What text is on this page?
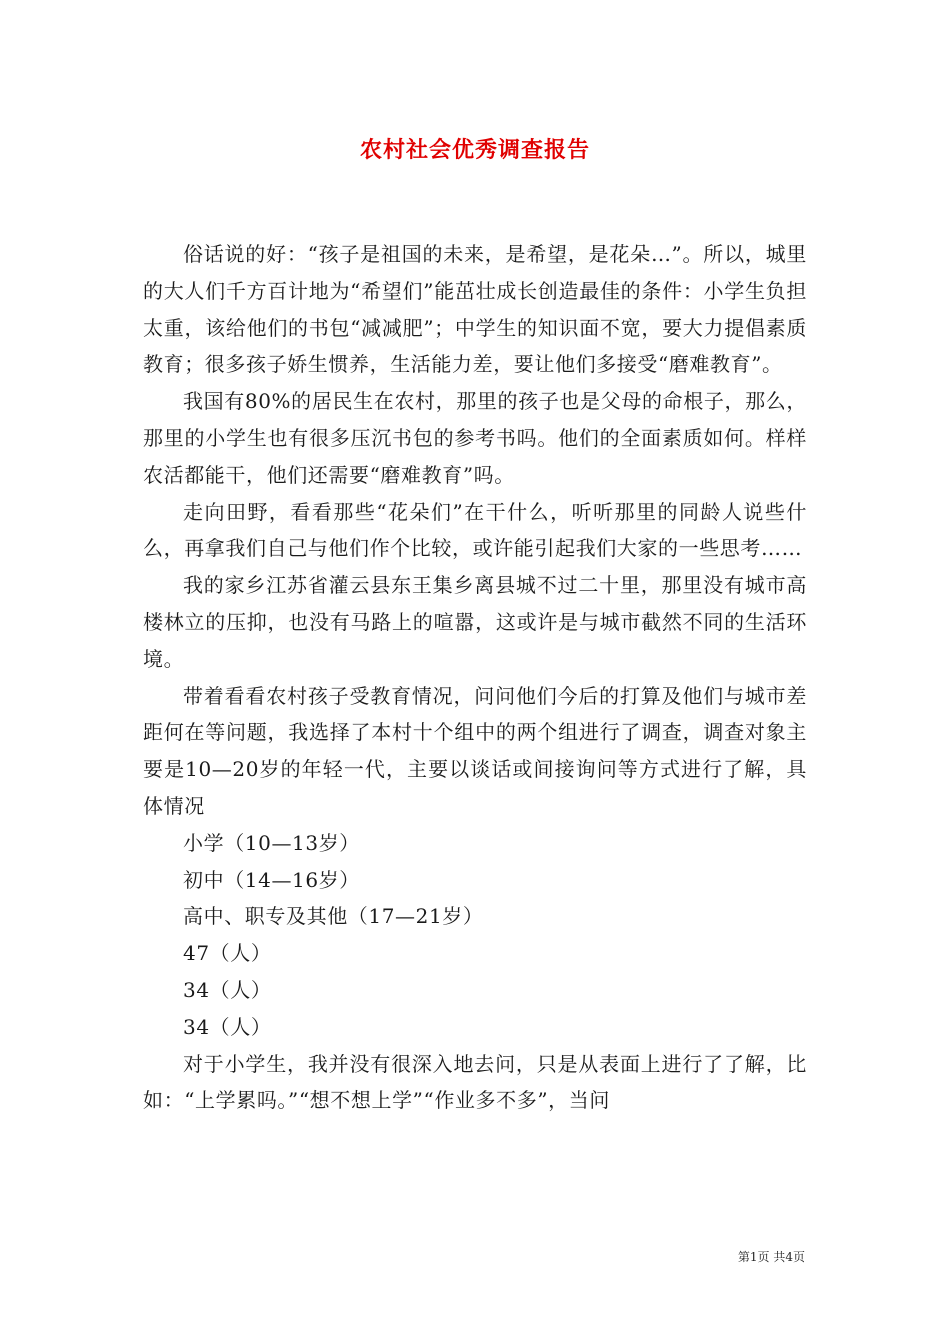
农村社会优秀调查报告

俗话说的好：“孩子是祖国的未来，是希望，是花朵…”。所以，城里的大人们千方百计地为“希望们”能茁壮成长创造最佳的条件：小学生负担太重，该给他们的书包“减减肥”；中学生的知识面不宽，要大力提倡素质教育；很多孩子娇生惯养，生活能力差，要让他们多接受“磨难教育”。

我国有80%的居民生在农村，那里的孩子也是父母的命根子，那么，那里的小学生也有很多压沉书包的参考书吗。他们的全面素质如何。样样农活都能干，他们还需要“磨难教育”吗。

走向田野，看看那些“花朵们”在干什么，听听那里的同龄人说些什么，再拿我们自己与他们作个比较，或许能引起我们大家的一些思考……

我的家乡江苏省灌云县东王集乡离县城不过二十里，那里没有城市高楼林立的压抑，也没有马路上的喧嚣，这或许是与城市截然不同的生活环境。

带着看看农村孩子受教育情况，问问他们今后的打算及他们与城市差距何在等问题，我选择了本村十个组中的两个组进行了调查，调查对象主要是10—20岁的年轻一代，主要以谈话或间接询问等方式进行了解，具体情况

小学（10—13岁）

初中（14—16岁）

高中、职专及其他（17—21岁）

47（人）

34（人）

34（人）

对于小学生，我并没有很深入地去问，只是从表面上进行了了解，比如：“上学累吗。”“想不想上学”“作业多不多”，当问

第1页 共4页
